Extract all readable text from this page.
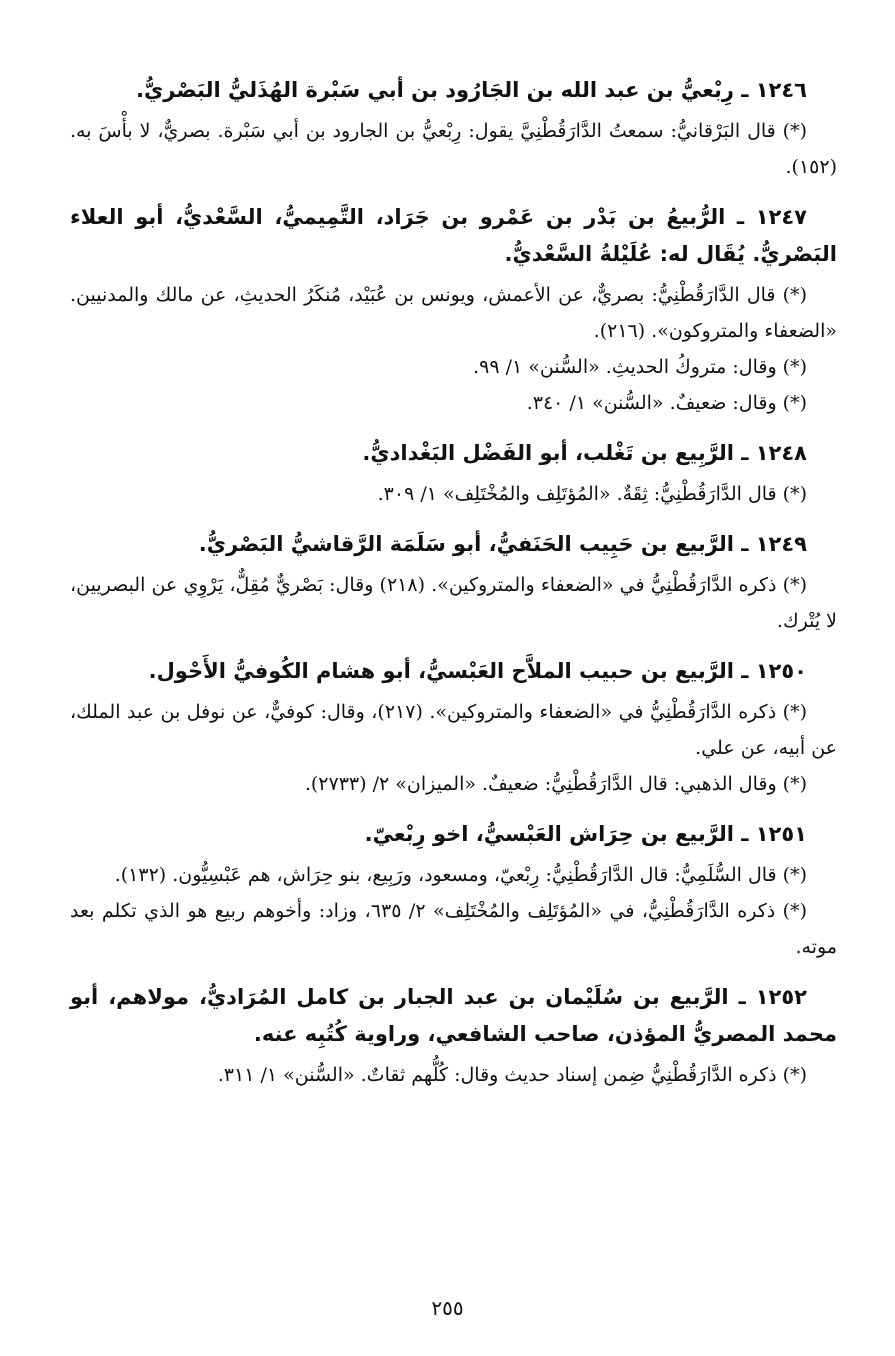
١٢٤٦ ـ رِبْعيُّ بن عبد الله بن الجَارُود بن أبي سَبْرة الهُذَليُّ البَصْريُّ.

(*) قال البَرْقانيُّ: سمعتُ الدَّارَقُطْنِيَّ يقول: رِبْعيُّ بن الجارود بن أبي سَبْرة. بصريٌّ، لا بأْسَ به. (١٥٢).

١٢٤٧ ـ الرُّبيعُ بن بَدْر بن عَمْرو بن جَرَاد، التَّمِيميُّ، السَّعْديُّ، أبو العلاء البَصْريُّ. يُقَال له: عُلَيْلةُ السَّعْديُّ.

(*) قال الدَّارَقُطْنِيُّ: بصريٌّ، عن الأعمش، ويونس بن عُبَيْد، مُنكَرُ الحديثِ، عن مالك والمدنيين. «الضعفاء والمتروكون». (٢١٦).

(*) وقال: متروكُ الحديثِ. «السُّنن» ١/ ٩٩.

(*) وقال: ضعيفٌ. «السُّنن» ١/ ٣٤٠.

١٢٤٨ ـ الرَّبِيع بن تَغْلب، أبو الفَضْل البَغْداديُّ.

(*) قال الدَّارَقُطْنِيُّ: ثِقَةٌ. «المُؤتَلِف والمُخْتَلِف» ١/ ٣٠٩.

١٢٤٩ ـ الرَّبيع بن حَبِيب الحَنَفيُّ، أبو سَلَمَة الرَّقاشيُّ البَصْريُّ.

(*) ذكره الدَّارَقُطْنِيُّ في «الضعفاء والمتروكين». (٢١٨) وقال: بَصْريٌّ مُقِلٌّ، يَرْوِي عن البصريين، لا يُتْرك.

١٢٥٠ ـ الرَّبيع بن حبيب الملاَّح العَبْسيُّ، أبو هشام الكُوفيُّ الأَحْول.

(*) ذكره الدَّارَقُطْنِيُّ في «الضعفاء والمتروكين». (٢١٧)، وقال: كوفيٌّ، عن نوفل بن عبد الملك، عن أبيه، عن علي.

(*) وقال الذهبي: قال الدَّارَقُطْنِيُّ: ضعيفٌ. «الميزان» ٢/ (٢٧٣٣).

١٢٥١ ـ الرَّبيع بن حِرَاش العَبْسيُّ، اخو رِبْعيّ.

(*) قال السُّلَمِيُّ: قال الدَّارَقُطْنِيُّ: رِبْعيّ، ومسعود، ورَبِيع، بنو حِرَاش، هم عَبْسِيُّون. (١٣٢).

(*) ذكره الدَّارَقُطْنِيُّ، في «المُؤتَلِف والمُخْتَلِف» ٢/ ٦٣٥، وزاد: وأخوهم ربيع هو الذي تكلم بعد موته.

١٢٥٢ ـ الرَّبيع بن سُلَيْمان بن عبد الجبار بن كامل المُرَاديُّ، مولاهم، أبو محمد المصريُّ المؤذن، صاحب الشافعي، وراوية كُتُبِه عنه.

(*) ذكره الدَّارَقُطْنِيُّ ضِمن إسناد حديث وقال: كُلُّهم ثقاتٌ. «السُّنن» ١/ ٣١١.

٢٥٥
